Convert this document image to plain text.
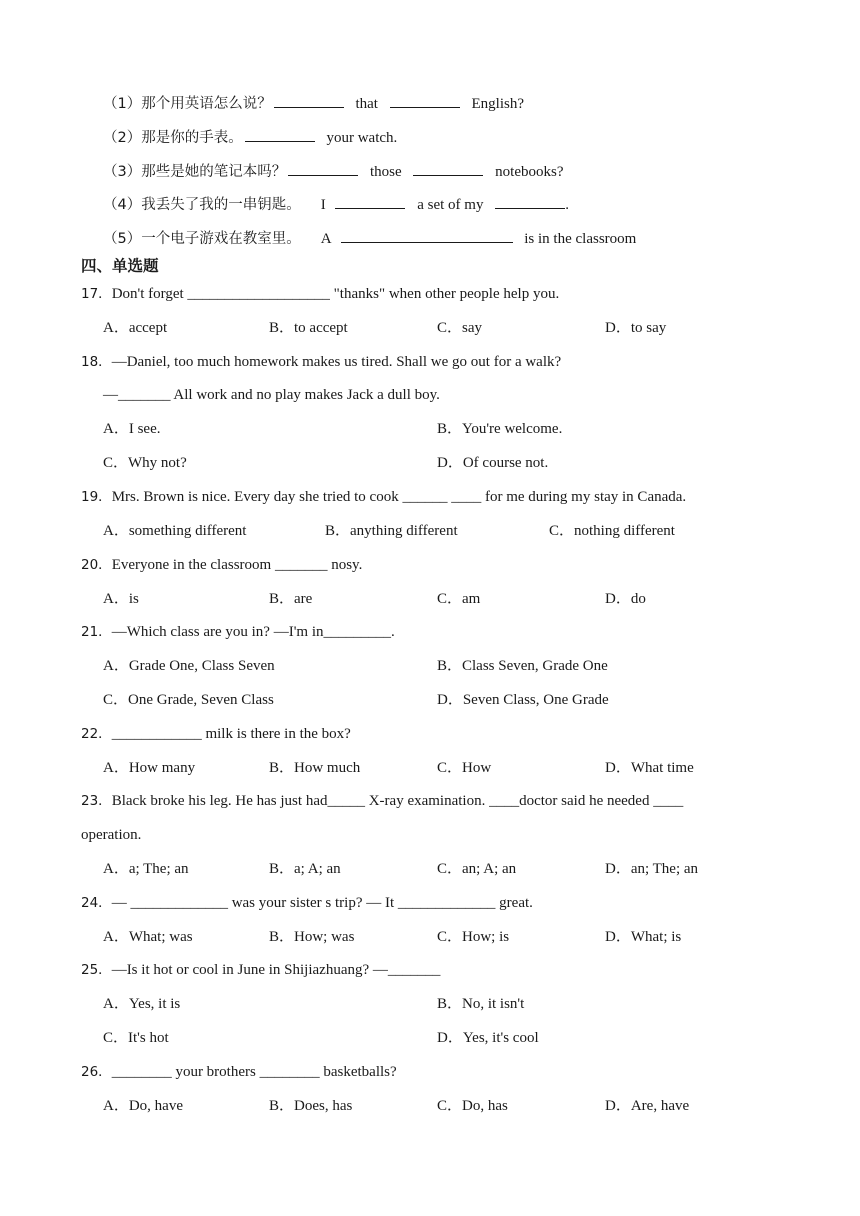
（1）那个用英语怎么说？	that	English?
（2）那是你的手表。	your watch.
（3）那些是她的笔记本吗？	those	notebooks?
（4）我丢失了我的一串钥匙。 I	a set of my	.
（5）一个电子游戏在教室里。 A	is in the classroom
四、单选题
17．Don't forget ___________________ "thanks" when other people help you.
A．accept	B．to accept	C．say	D．to say
18．—Daniel, too much homework makes us tired. Shall we go out for a walk?
—_______ All work and no play makes Jack a dull boy.
A．I see.	B．You're welcome.
C．Why not?	D．Of course not.
19．Mrs. Brown is nice. Every day she tried to cook ______ ____ for me during my stay in Canada.
A．something different	B．anything different	C．nothing different
20．Everyone in the classroom _______ nosy.
A．is	B．are	C．am	D．do
21．—Which class are you in? —I'm in_________.
A．Grade One, Class Seven	B．Class Seven, Grade One
C．One Grade, Seven Class	D．Seven Class, One Grade
22．____________ milk is there in the box?
A．How many	B．How much	C．How	D．What time
23．Black broke his leg. He has just had_____ X-ray examination. ____doctor said he needed ____
operation.
A．a; The; an	B．a; A; an	C．an; A; an	D．an; The; an
24．— _____________ was your sister s trip? — It _____________ great.
A．What; was	B．How; was	C．How; is	D．What; is
25．—Is it hot or cool in June in Shijiazhuang? —_______
A．Yes, it is	B．No, it isn't
C．It's hot	D．Yes, it's cool
26．________ your brothers ________ basketballs?
A．Do, have	B．Does, has	C．Do, has	D．Are, have
